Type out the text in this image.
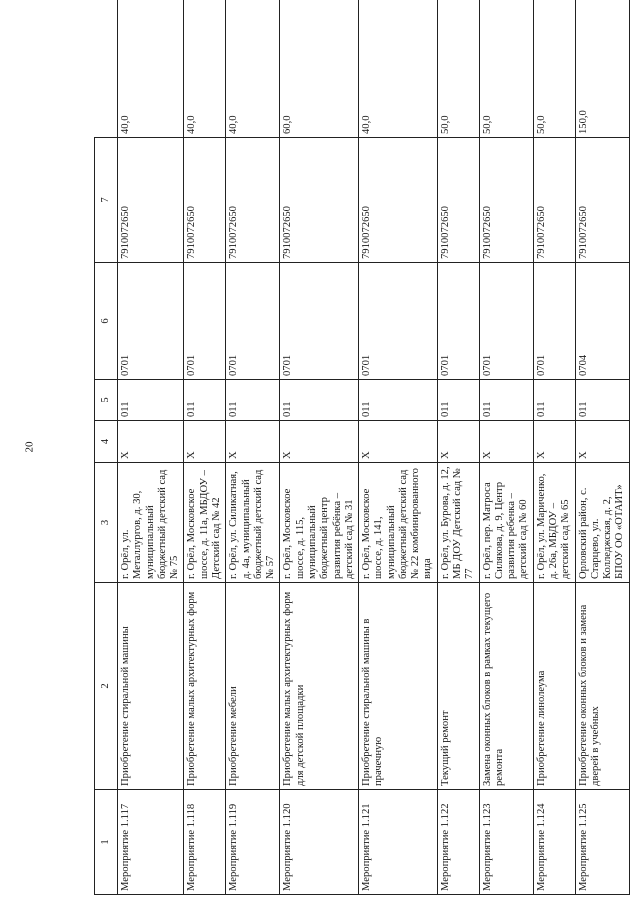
20
1	2	3	4	5	6	7	
Мероприятие 1.117	Приобретение стиральной машины	г. Орёл, ул. Металлургов, д. 30, муниципальный бюджетный детский сад № 75	X	011	0701	7910072650	40,0
Мероприятие 1.118	Приобретение малых архитектурных форм	г. Орёл, Московское шоссе, д. 11а, МБДОУ – Детский сад № 42	X	011	0701	7910072650	40,0
Мероприятие 1.119	Приобретение мебели	г. Орёл, ул. Силикатная, д. 4а, муниципальный бюджетный детский сад № 57	X	011	0701	7910072650	40,0
Мероприятие 1.120	Приобретение малых архитектурных форм для детской площадки	г. Орёл, Московское шоссе, д. 115, муниципальный бюджетный центр развития ребёнка – детский сад № 31	X	011	0701	7910072650	60,0
Мероприятие 1.121	Приобретение стиральной машины в прачечную	г. Орёл, Московское шоссе, д. 141, муниципальный бюджетный детский сад № 22 комбинированного вида	X	011	0701	7910072650	40,0
Мероприятие 1.122	Текущий ремонт	г. Орёл, ул. Бурова, д. 12, МБ ДОУ Детский сад № 77	X	011	0701	7910072650	50,0
Мероприятие 1.123	Замена оконных блоков в рамках текущего ремонта	г. Орёл, пер. Матроса Силякова, д. 9, Центр развития ребенка – детский сад № 60	X	011	0701	7910072650	50,0
Мероприятие 1.124	Приобретение линолеума	г. Орёл, ул. Мариченко, д. 26а, МБДОУ – детский сад № 65	X	011	0701	7910072650	50,0
Мероприятие 1.125	Приобретение оконных блоков и замена дверей в учебных	Орловский район, с. Старцево, ул. Колледжская, д. 2, БПОУ ОО «ОТАИТ»	X	011	0704	7910072650	150,0
